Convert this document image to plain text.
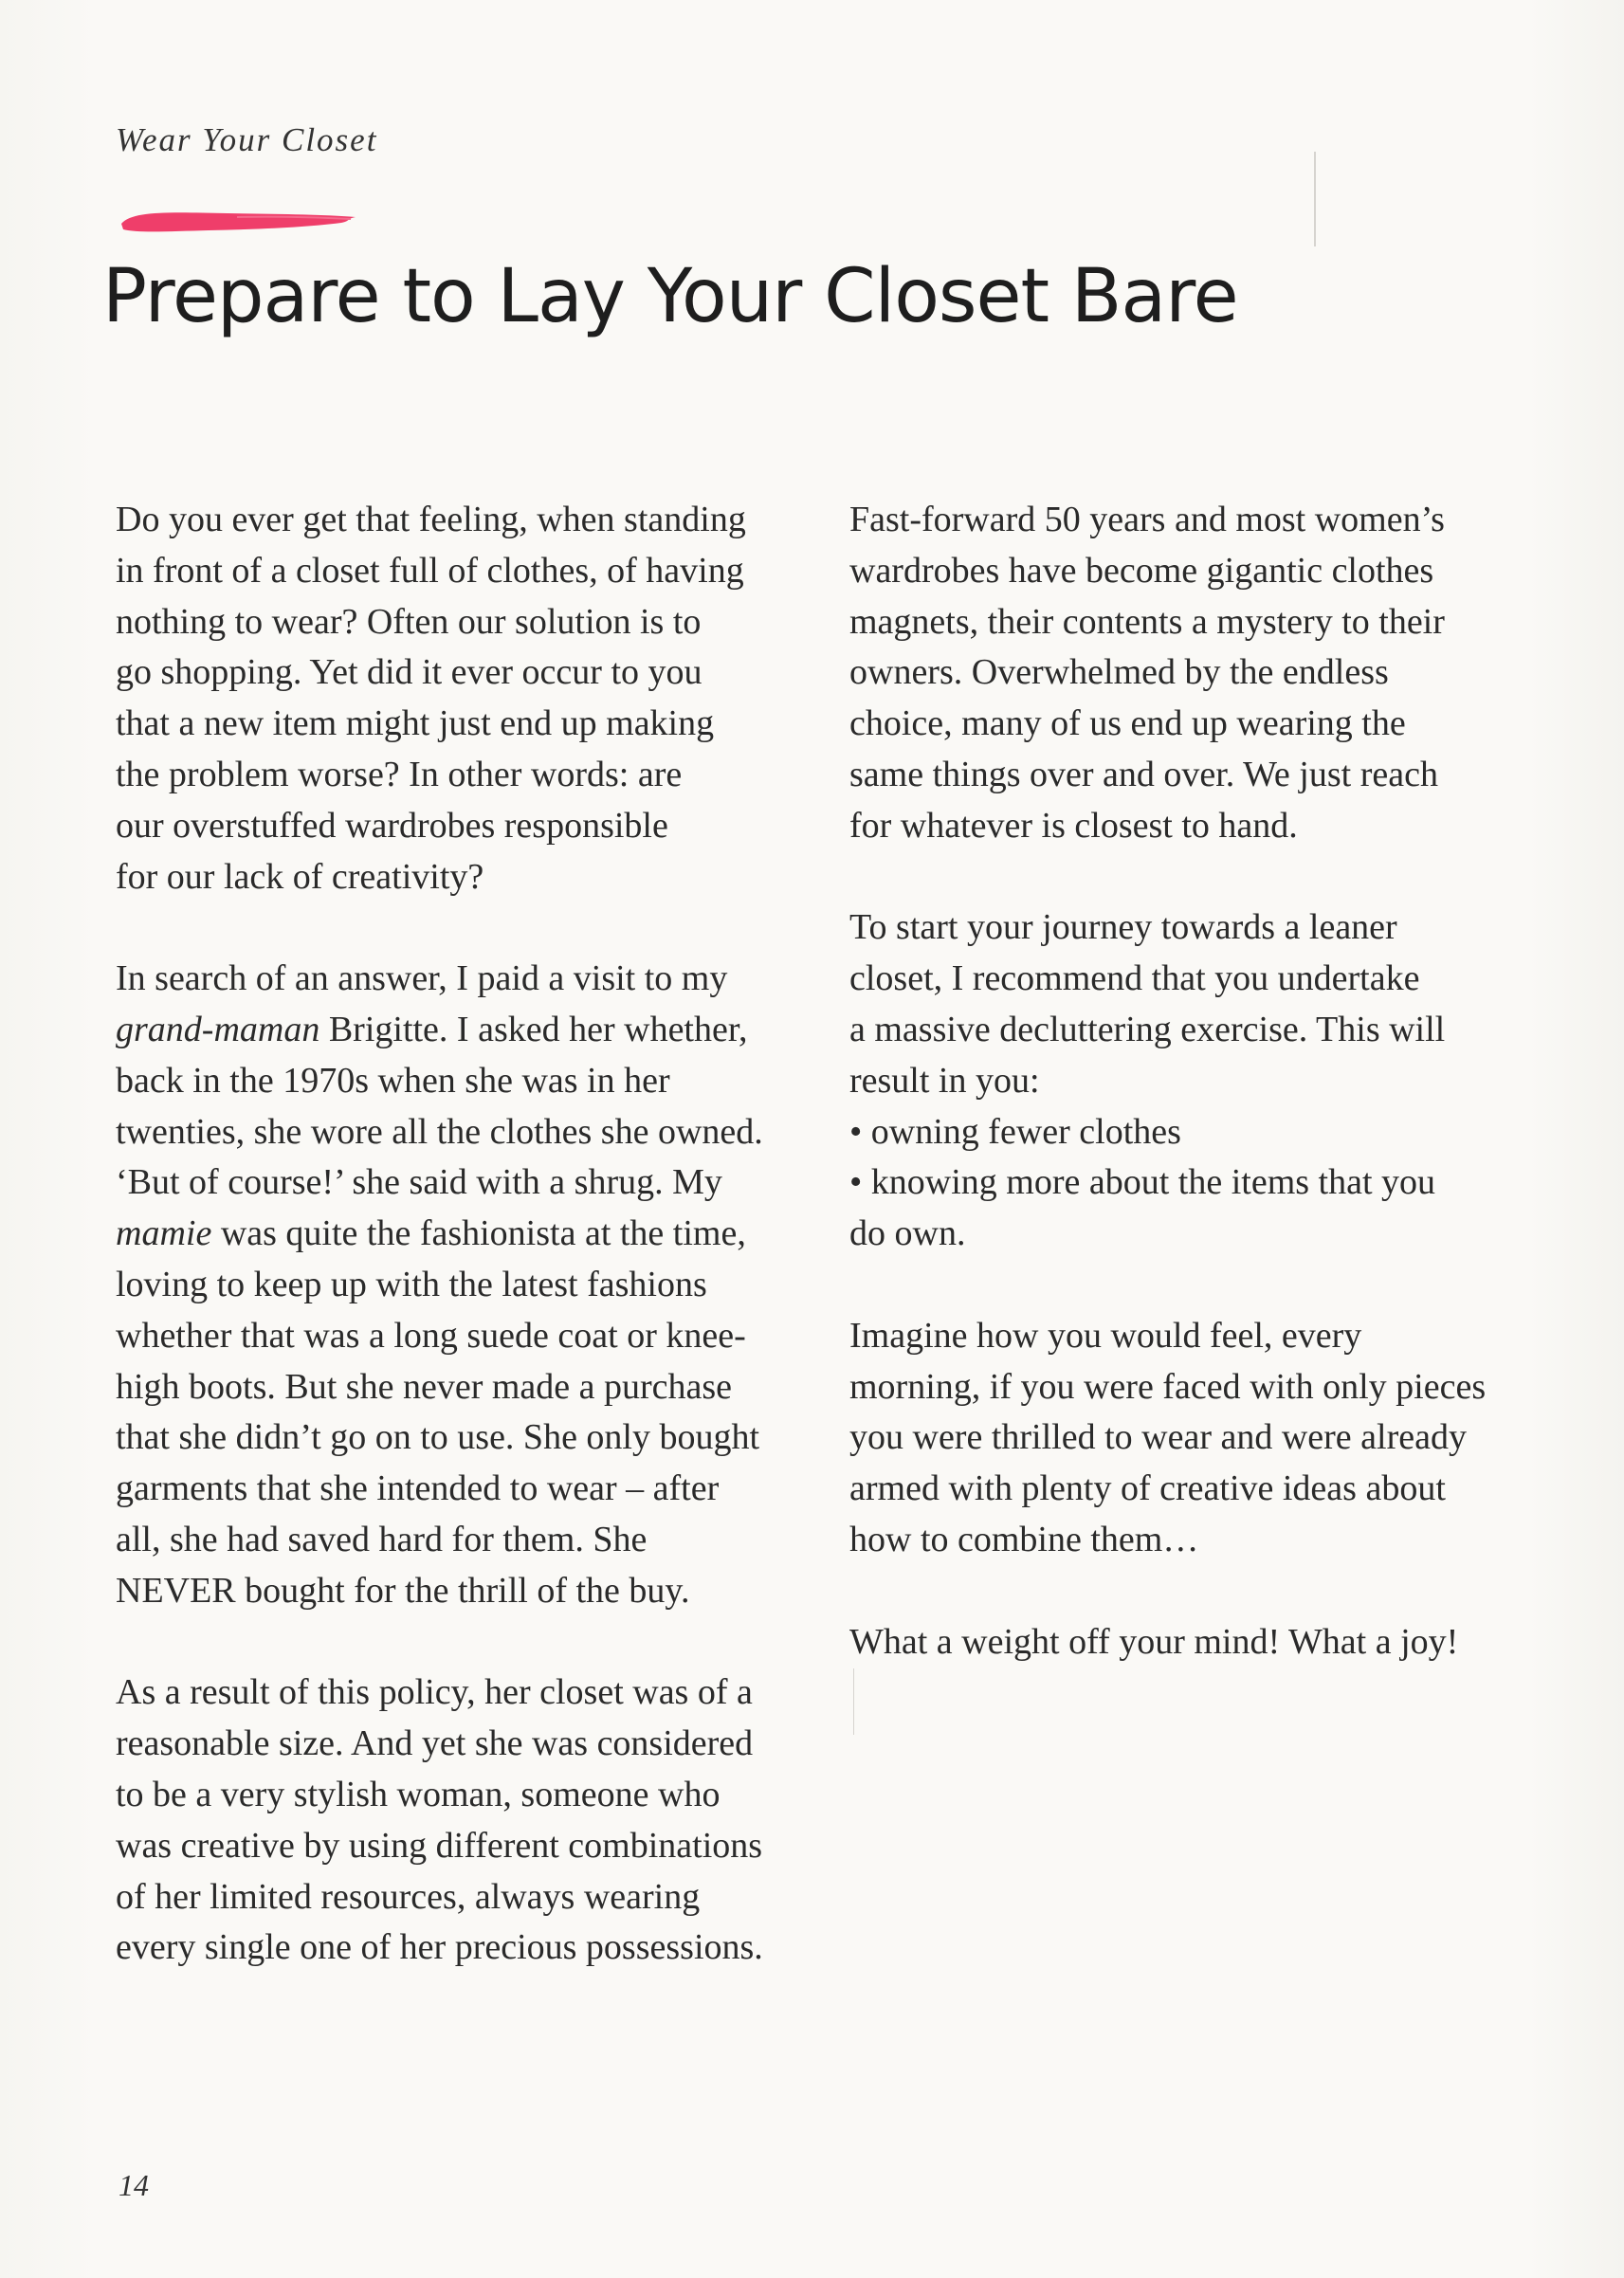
Wear Your Closet
Prepare to Lay Your Closet Bare

Do you ever get that feeling, when standing
in front of a closet full of clothes, of having
nothing to wear? Often our solution is to
go shopping. Yet did it ever occur to you
that a new item might just end up making
the problem worse? In other words: are
our overstuffed wardrobes responsible
for our lack of creativity?

In search of an answer, I paid a visit to my
grand-maman Brigitte. I asked her whether,
back in the 1970s when she was in her
twenties, she wore all the clothes she owned.
‘But of course!’ she said with a shrug. My
mamie was quite the fashionista at the time,
loving to keep up with the latest fashions
whether that was a long suede coat or knee-
high boots. But she never made a purchase
that she didn’t go on to use. She only bought
garments that she intended to wear – after
all, she had saved hard for them. She
NEVER bought for the thrill of the buy.

As a result of this policy, her closet was of a
reasonable size. And yet she was considered
to be a very stylish woman, someone who
was creative by using different combinations
of her limited resources, always wearing
every single one of her precious possessions.

Fast-forward 50 years and most women’s
wardrobes have become gigantic clothes
magnets, their contents a mystery to their
owners. Overwhelmed by the endless
choice, many of us end up wearing the
same things over and over. We just reach
for whatever is closest to hand.

To start your journey towards a leaner
closet, I recommend that you undertake
a massive decluttering exercise. This will
result in you:
• owning fewer clothes
• knowing more about the items that you
do own.

Imagine how you would feel, every
morning, if you were faced with only pieces
you were thrilled to wear and were already
armed with plenty of creative ideas about
how to combine them…

What a weight off your mind! What a joy!

14
